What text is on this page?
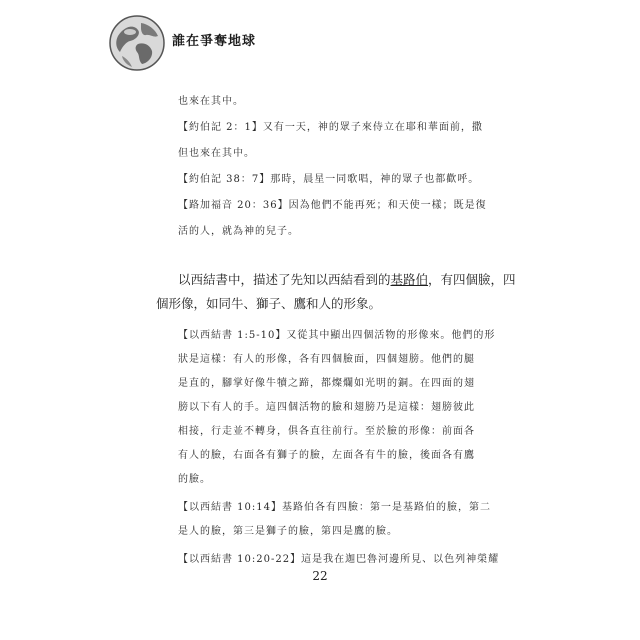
誰在爭奪地球
也來在其中。
【約伯記 2：1】又有一天，神的眾子來侍立在耶和華面前，撒
但也來在其中。
【約伯記 38：7】那時，晨星一同歌唱，神的眾子也都歡呼。
【路加福音 20：36】因為他們不能再死；和天使一樣；既是復
活的人，就為神的兒子。
以西結書中，描述了先知以西結看到的基路伯，有四個臉，四
個形像，如同牛、獅子、鷹和人的形象。
【以西結書 1:5-10】又從其中顯出四個活物的形像來。他們的形
狀是這樣：有人的形像，各有四個臉面，四個翅膀。他們的腿
是直的，腳掌好像牛犢之蹄，都燦爛如光明的銅。在四面的翅
膀以下有人的手。這四個活物的臉和翅膀乃是這樣：翅膀彼此
相接，行走並不轉身，俱各直往前行。至於臉的形像：前面各
有人的臉，右面各有獅子的臉，左面各有牛的臉，後面各有鷹
的臉。
【以西結書 10:14】基路伯各有四臉：第一是基路伯的臉，第二
是人的臉，第三是獅子的臉，第四是鷹的臉。
【以西結書 10:20-22】這是我在迦巴魯河邊所見、以色列神榮耀
22
